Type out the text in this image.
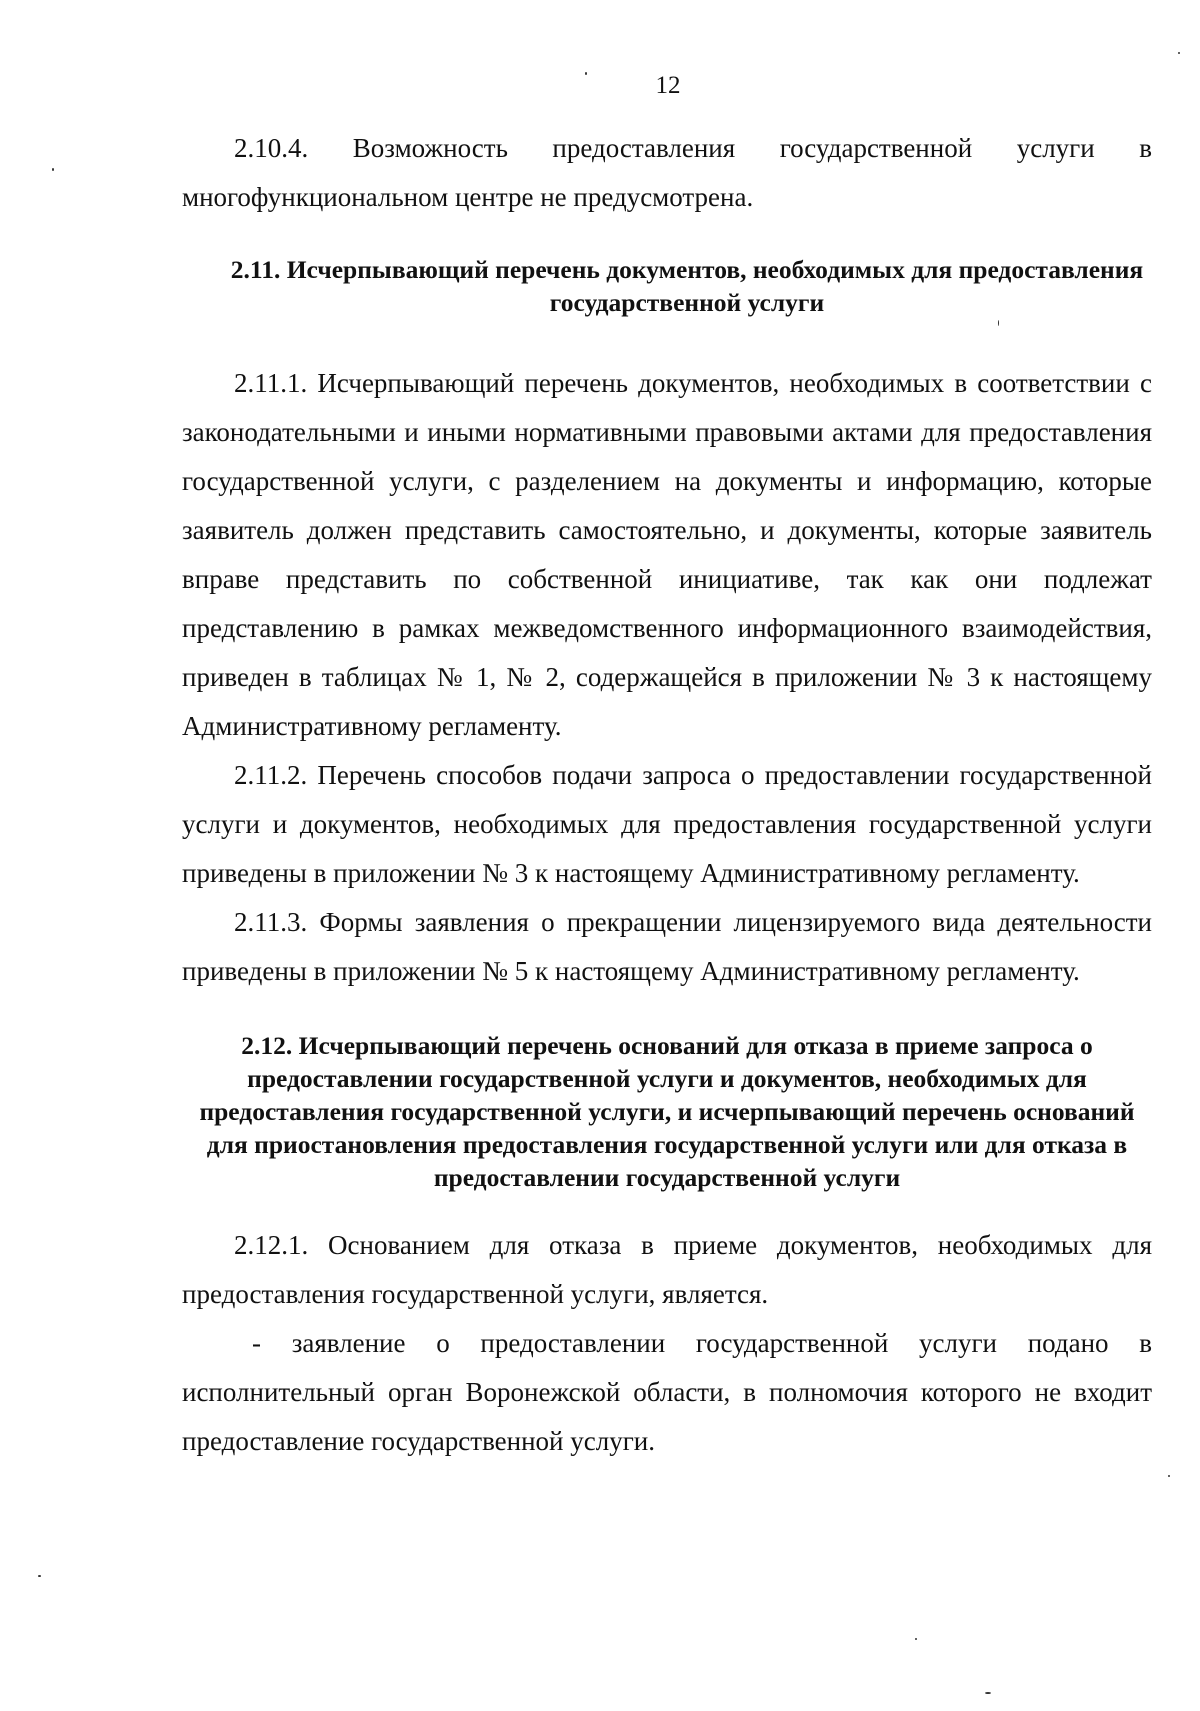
12

2.10.4. Возможность предоставления государственной услуги в многофункциональном центре не предусмотрена.

2.11. Исчерпывающий перечень документов, необходимых для предоставления государственной услуги

2.11.1. Исчерпывающий перечень документов, необходимых в соответствии с законодательными и иными нормативными правовыми актами для предоставления государственной услуги, с разделением на документы и информацию, которые заявитель должен представить самостоятельно, и документы, которые заявитель вправе представить по собственной инициативе, так как они подлежат представлению в рамках межведомственного информационного взаимодействия, приведен в таблицах № 1, № 2, содержащейся в приложении № 3 к настоящему Административному регламенту.

2.11.2. Перечень способов подачи запроса о предоставлении государственной услуги и документов, необходимых для предоставления государственной услуги приведены в приложении № 3 к настоящему Административному регламенту.

2.11.3. Формы заявления о прекращении лицензируемого вида деятельности приведены в приложении № 5 к настоящему Административному регламенту.

2.12. Исчерпывающий перечень оснований для отказа в приеме запроса о предоставлении государственной услуги и документов, необходимых для предоставления государственной услуги, и исчерпывающий перечень оснований для приостановления предоставления государственной услуги или для отказа в предоставлении государственной услуги

2.12.1. Основанием для отказа в приеме документов, необходимых для предоставления государственной услуги, является.

- заявление о предоставлении государственной услуги подано в исполнительный орган Воронежской области, в полномочия которого не входит предоставление государственной услуги.
